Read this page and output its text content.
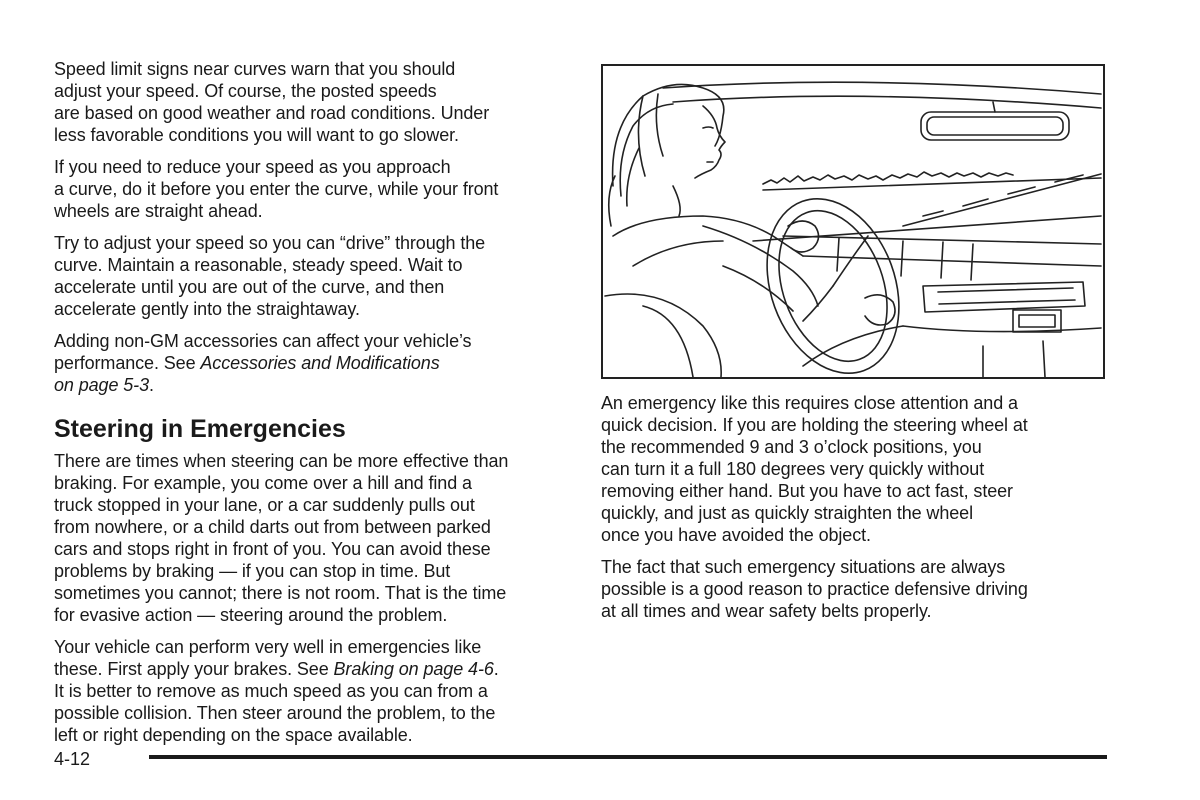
Speed limit signs near curves warn that you should
adjust your speed. Of course, the posted speeds
are based on good weather and road conditions. Under
less favorable conditions you will want to go slower.

If you need to reduce your speed as you approach
a curve, do it before you enter the curve, while your front
wheels are straight ahead.

Try to adjust your speed so you can “drive” through the
curve. Maintain a reasonable, steady speed. Wait to
accelerate until you are out of the curve, and then
accelerate gently into the straightaway.

Adding non-GM accessories can affect your vehicle’s
performance. See Accessories and Modifications
on page 5-3.

Steering in Emergencies

There are times when steering can be more effective than
braking. For example, you come over a hill and find a
truck stopped in your lane, or a car suddenly pulls out
from nowhere, or a child darts out from between parked
cars and stops right in front of you. You can avoid these
problems by braking — if you can stop in time. But
sometimes you cannot; there is not room. That is the time
for evasive action — steering around the problem.

Your vehicle can perform very well in emergencies like
these. First apply your brakes. See Braking on page 4-6.
It is better to remove as much speed as you can from a
possible collision. Then steer around the problem, to the
left or right depending on the space available.

An emergency like this requires close attention and a
quick decision. If you are holding the steering wheel at
the recommended 9 and 3 o’clock positions, you
can turn it a full 180 degrees very quickly without
removing either hand. But you have to act fast, steer
quickly, and just as quickly straighten the wheel
once you have avoided the object.

The fact that such emergency situations are always
possible is a good reason to practice defensive driving
at all times and wear safety belts properly.

4-12
